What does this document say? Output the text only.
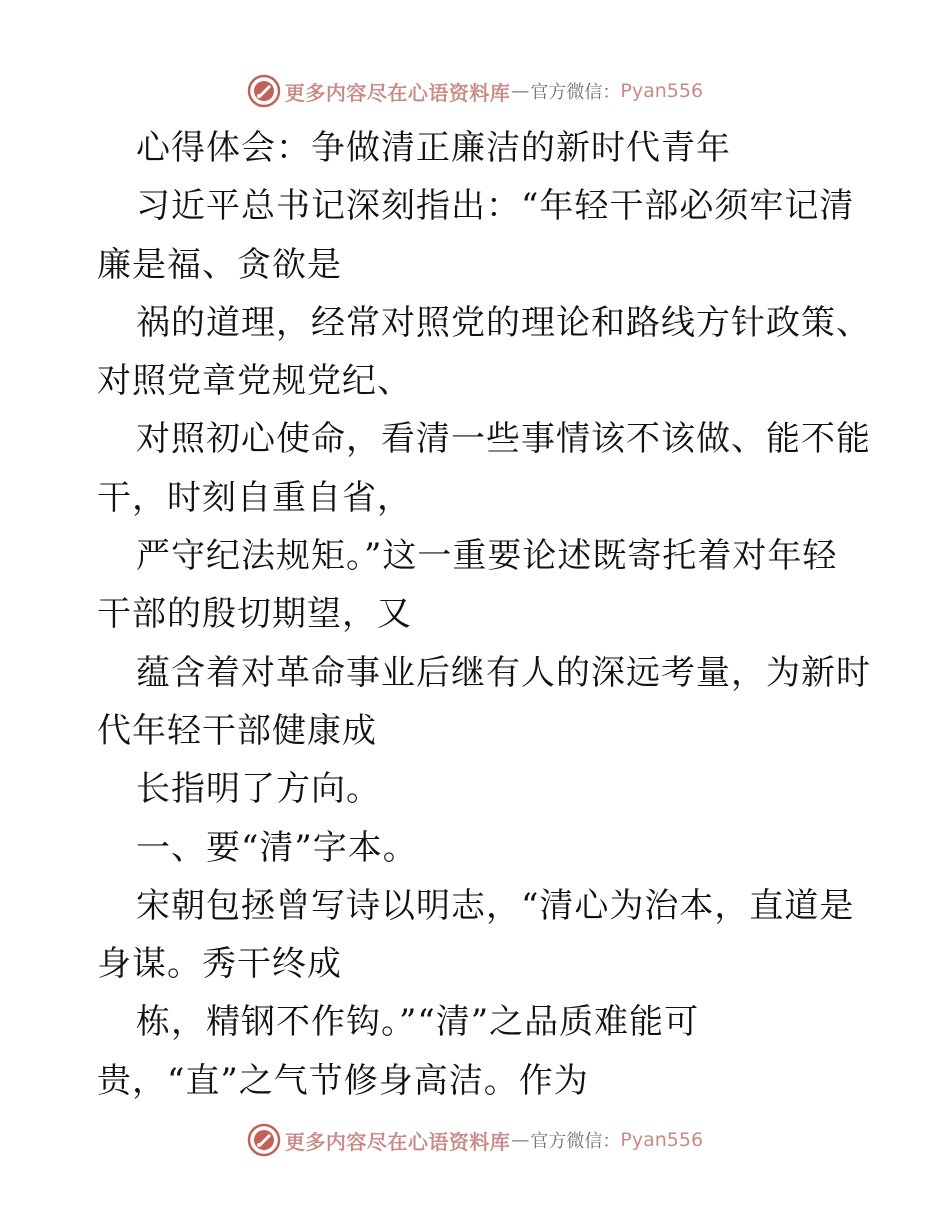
更多内容尽在心语资料库 — 官方微信： Pyan556
心得体会：争做清正廉洁的新时代青年
习近平总书记深刻指出：“年轻干部必须牢记清
廉是福、贪欲是
祸的道理，经常对照党的理论和路线方针政策、
对照党章党规党纪、
对照初心使命，看清一些事情该不该做、能不能
干，时刻自重自省，
严守纪法规矩。”这一重要论述既寄托着对年轻
干部的殷切期望，又
蕴含着对革命事业后继有人的深远考量，为新时
代年轻干部健康成
长指明了方向。
一、要“清”字本。
宋朝包拯曾写诗以明志，“清心为治本，直道是
身谋。秀干终成
栋，精钢不作钩。”“清”之品质难能可
贵，“直”之气节修身高洁。作为
更多内容尽在心语资料库 — 官方微信： Pyan556
